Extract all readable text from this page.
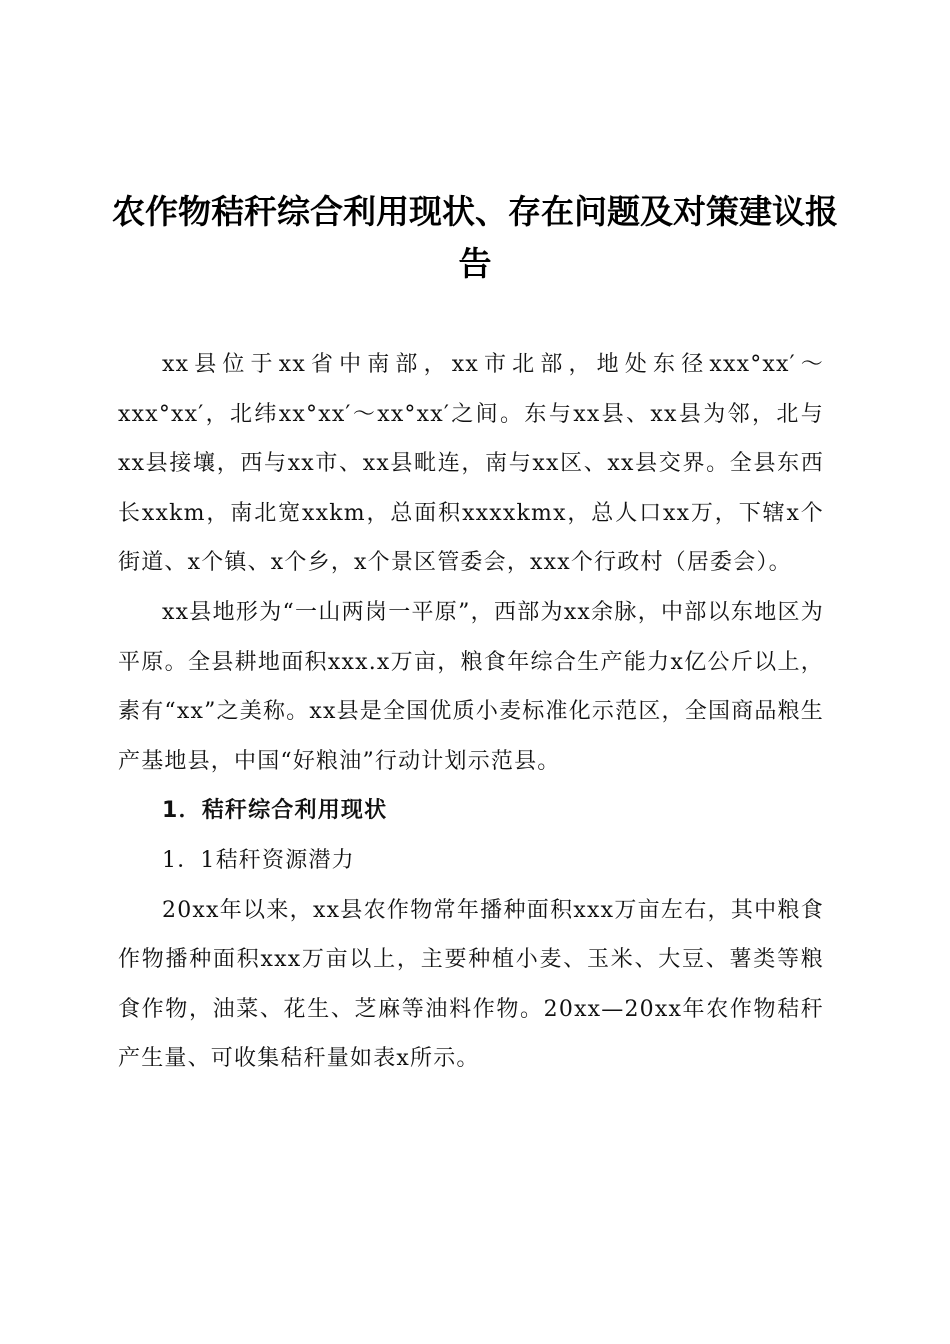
农作物秸秆综合利用现状、存在问题及对策建议报告

xx县位于xx省中南部，xx市北部，地处东径xxx°xx′～xxx°xx′，北纬xx°xx′～xx°xx′之间。东与xx县、xx县为邻，北与xx县接壤，西与xx市、xx县毗连，南与xx区、xx县交界。全县东西长xxkm，南北宽xxkm，总面积xxxxkmx，总人口xx万，下辖x个街道、x个镇、x个乡，x个景区管委会，xxx个行政村（居委会）。

xx县地形为“一山两岗一平原”，西部为xx余脉，中部以东地区为平原。全县耕地面积xxx.x万亩，粮食年综合生产能力x亿公斤以上，素有“xx”之美称。xx县是全国优质小麦标准化示范区，全国商品粮生产基地县，中国“好粮油”行动计划示范县。

1．秸秆综合利用现状

1．1秸秆资源潜力

20xx年以来，xx县农作物常年播种面积xxx万亩左右，其中粮食作物播种面积xxx万亩以上，主要种植小麦、玉米、大豆、薯类等粮食作物，油菜、花生、芝麻等油料作物。20xx—20xx年农作物秸秆产生量、可收集秸秆量如表x所示。
